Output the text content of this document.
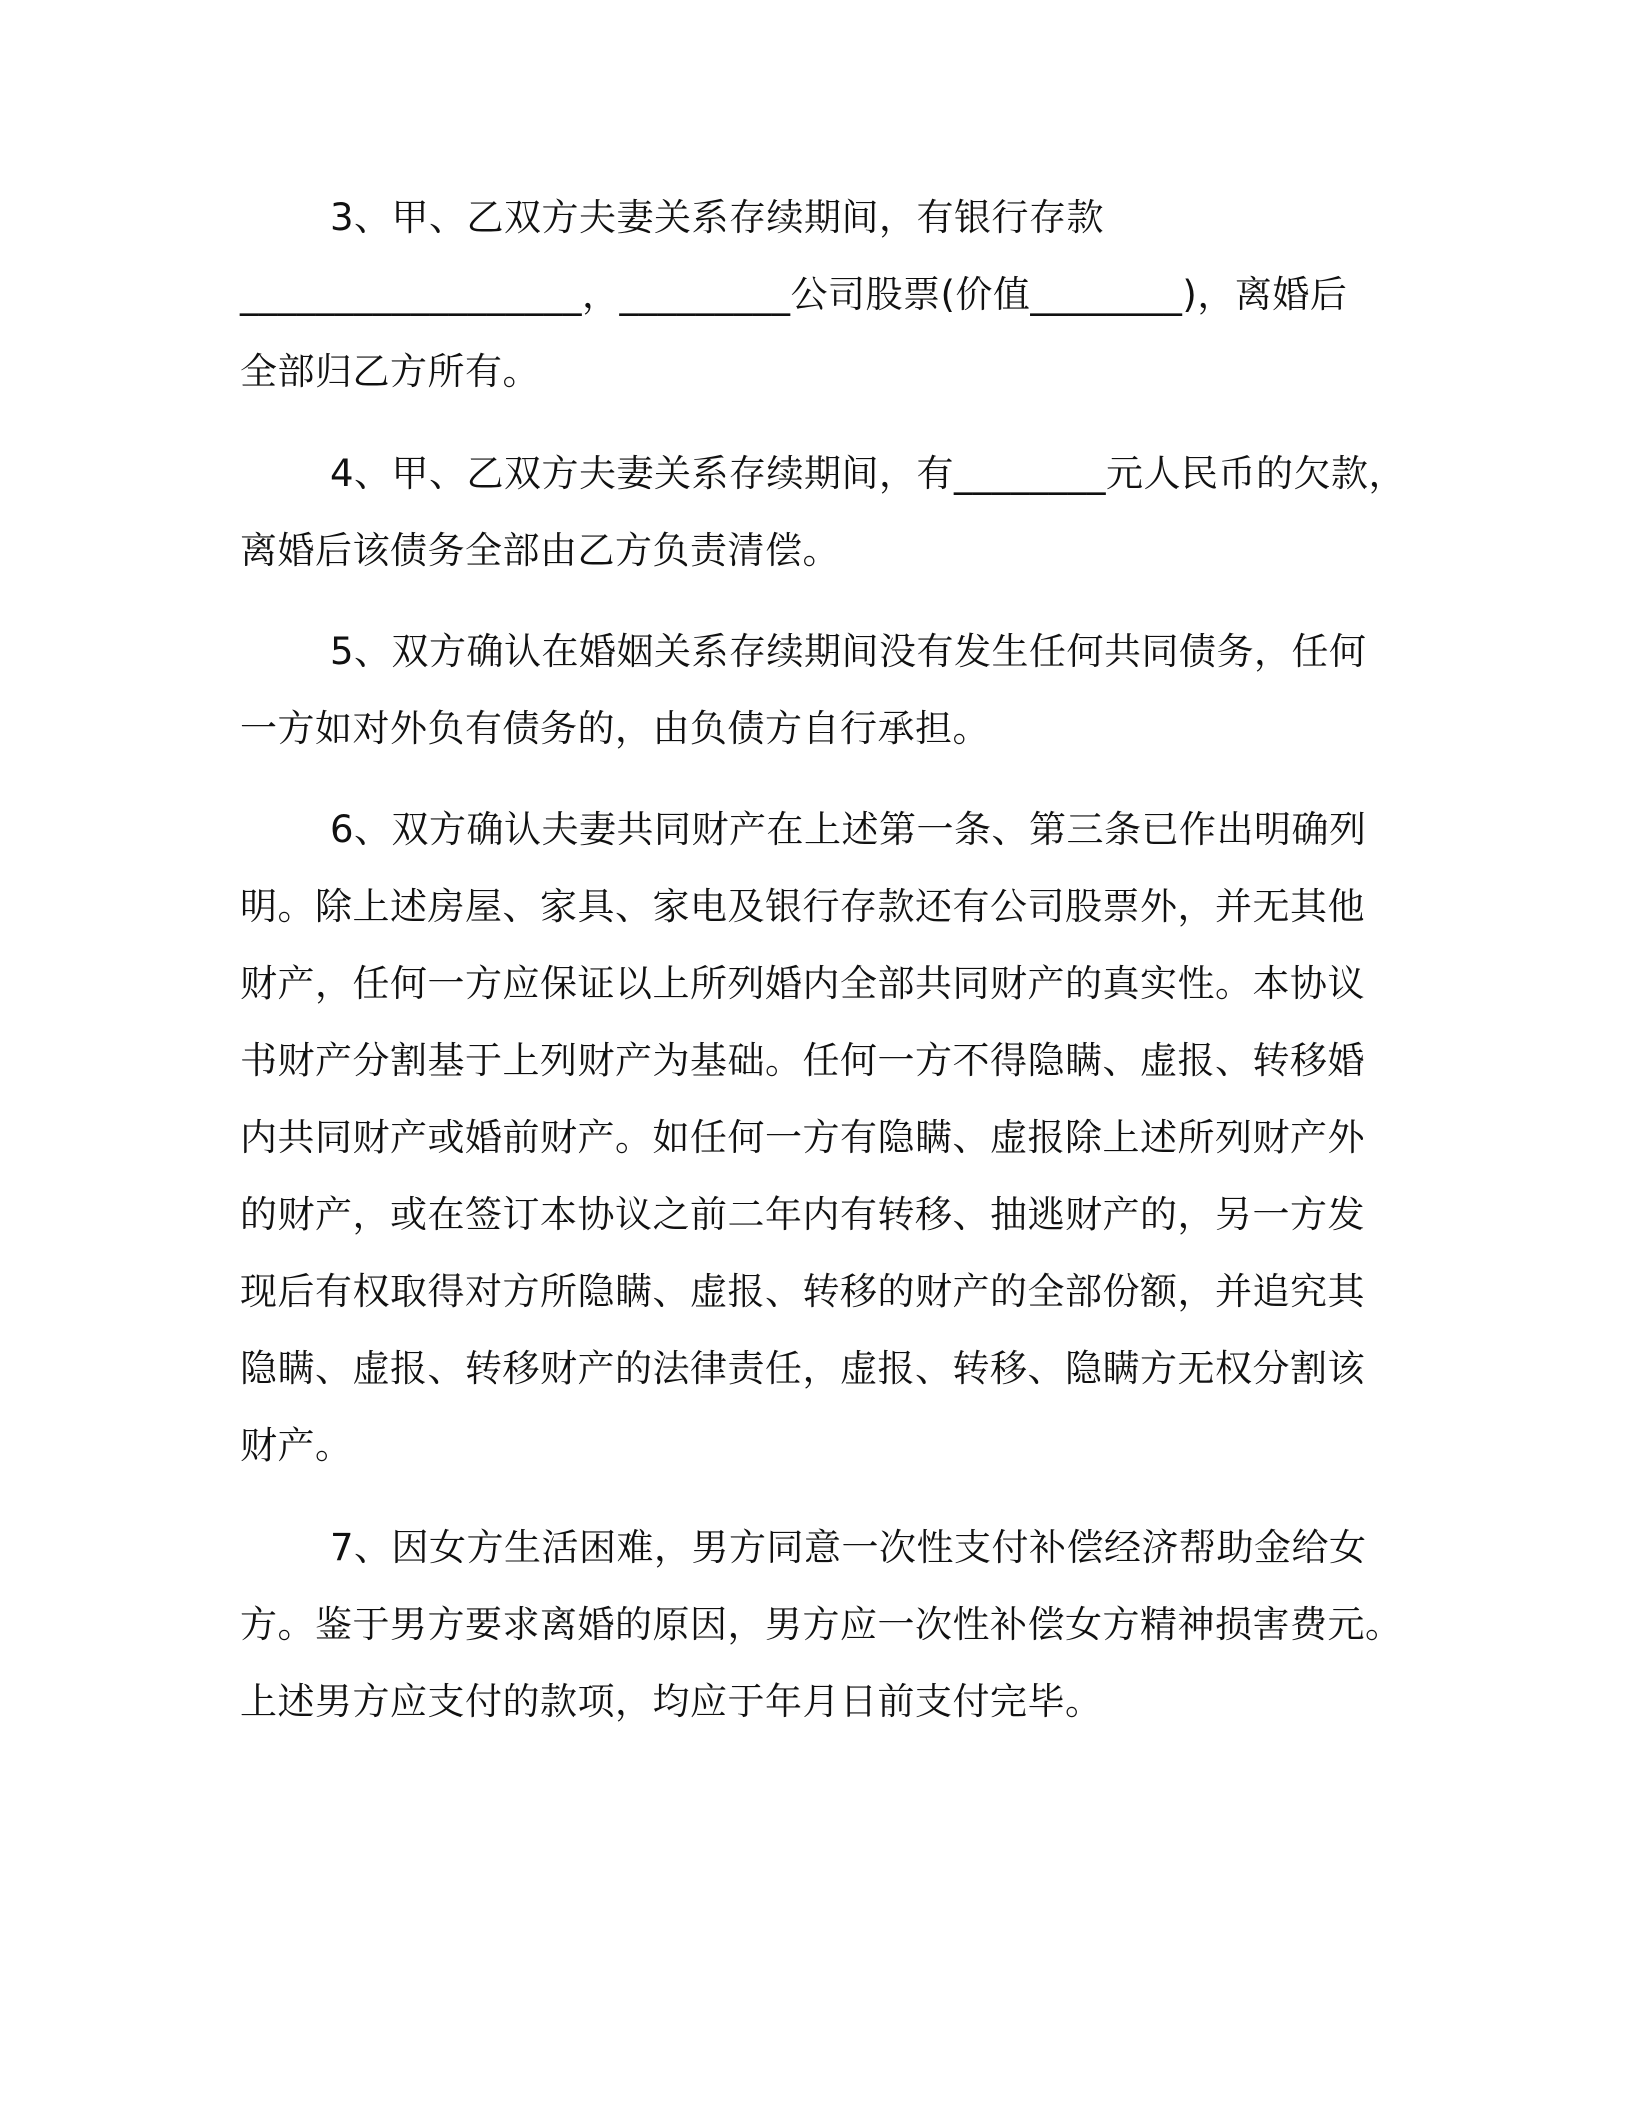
3、甲、乙双方夫妻关系存续期间，有银行存款

__________________，_________公司股票(价值________)，离婚后

全部归乙方所有。

4、甲、乙双方夫妻关系存续期间，有________元人民币的欠款，

离婚后该债务全部由乙方负责清偿。

5、双方确认在婚姻关系存续期间没有发生任何共同债务，任何

一方如对外负有债务的，由负债方自行承担。

6、双方确认夫妻共同财产在上述第一条、第三条已作出明确列

明。除上述房屋、家具、家电及银行存款还有公司股票外，并无其他

财产，任何一方应保证以上所列婚内全部共同财产的真实性。本协议

书财产分割基于上列财产为基础。任何一方不得隐瞒、虚报、转移婚

内共同财产或婚前财产。如任何一方有隐瞒、虚报除上述所列财产外

的财产，或在签订本协议之前二年内有转移、抽逃财产的，另一方发

现后有权取得对方所隐瞒、虚报、转移的财产的全部份额，并追究其

隐瞒、虚报、转移财产的法律责任，虚报、转移、隐瞒方无权分割该

财产。

7、因女方生活困难，男方同意一次性支付补偿经济帮助金给女

方。鉴于男方要求离婚的原因，男方应一次性补偿女方精神损害费元。

上述男方应支付的款项，均应于年月日前支付完毕。
